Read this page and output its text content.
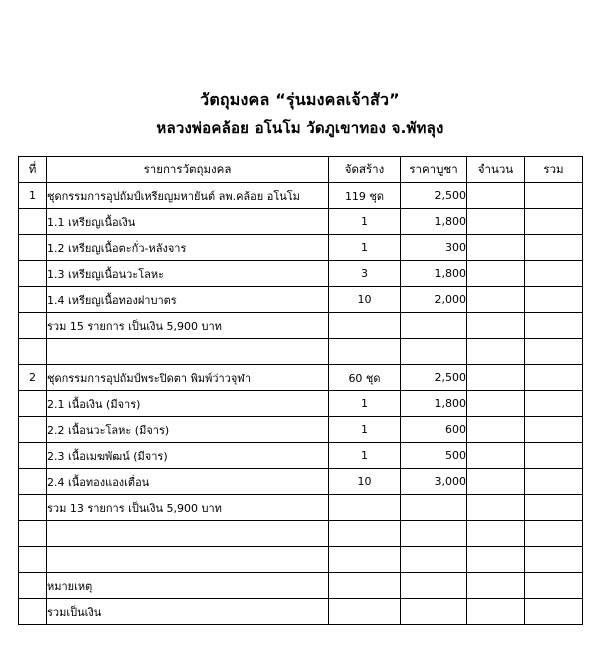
วัตถุมงคล “รุ่นมงคลเจ้าสัว”
หลวงพ่อคล้อย อโนโม วัดภูเขาทอง จ.พัทลุง
ที่	รายการวัตถุมงคล	จัดสร้าง	ราคาบูชา	จำนวน	รวม
1	ชุดกรรมการอุปถัมป์เหรียญมหายันต์ ลพ.คล้อย อโนโม	119 ชุด	2,500		
	1.1 เหรียญเนื้อเงิน	1	1,800		
	1.2 เหรียญเนื้อตะกั่ว-หลังจาร	1	300		
	1.3 เหรียญเนื้อนวะโลหะ	3	1,800		
	1.4 เหรียญเนื้อทองฝาบาตร	10	2,000		
	รวม 15 รายการ เป็นเงิน 5,900 บาท				

2	ชุดกรรมการอุปถัมป์พระปิดตา พิมพ์ว่าวจุฬา	60 ชุด	2,500		
	2.1 เนื้อเงิน (มีจาร)	1	1,800		
	2.2 เนื้อนวะโลหะ (มีจาร)	1	600		
	2.3 เนื้อเมฆพัฒน์ (มีจาร)	1	500		
	2.4 เนื้อทองแองเตื่อน	10	3,000		
	รวม 13 รายการ เป็นเงิน 5,900 บาท				

	หมายเหตุ				
	รวมเป็นเงิน				
